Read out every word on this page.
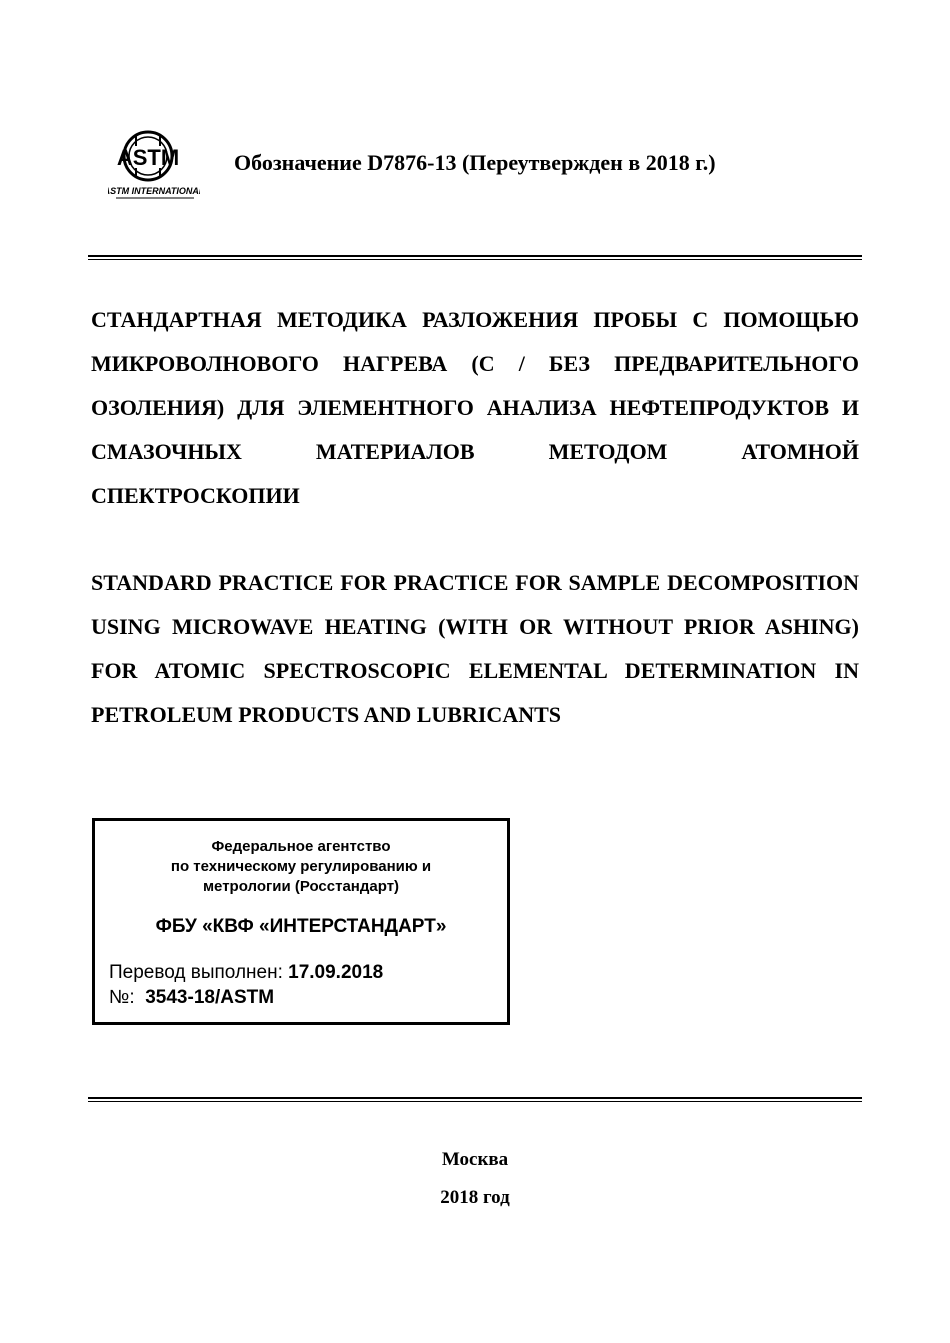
ASTM
ASTM INTERNATIONAL
Обозначение D7876-13 (Переутвержден в 2018 г.)

СТАНДАРТНАЯ МЕТОДИКА РАЗЛОЖЕНИЯ ПРОБЫ С ПОМОЩЬЮ МИКРОВОЛНОВОГО НАГРЕВА (С / БЕЗ ПРЕДВАРИТЕЛЬНОГО ОЗОЛЕНИЯ) ДЛЯ ЭЛЕМЕНТНОГО АНАЛИЗА НЕФТЕПРОДУКТОВ И СМАЗОЧНЫХ МАТЕРИАЛОВ МЕТОДОМ АТОМНОЙ СПЕКТРОСКОПИИ

STANDARD PRACTICE FOR PRACTICE FOR SAMPLE DECOMPOSITION USING MICROWAVE HEATING (WITH OR WITHOUT PRIOR ASHING) FOR ATOMIC SPECTROSCOPIC ELEMENTAL DETERMINATION IN PETROLEUM PRODUCTS AND LUBRICANTS

Федеральное агентство
по техническому регулированию и
метрологии (Росстандарт)
ФБУ «КВФ «ИНТЕРСТАНДАРТ»
Перевод выполнен: 17.09.2018
№: 3543-18/ASTM
Москва
2018 год
